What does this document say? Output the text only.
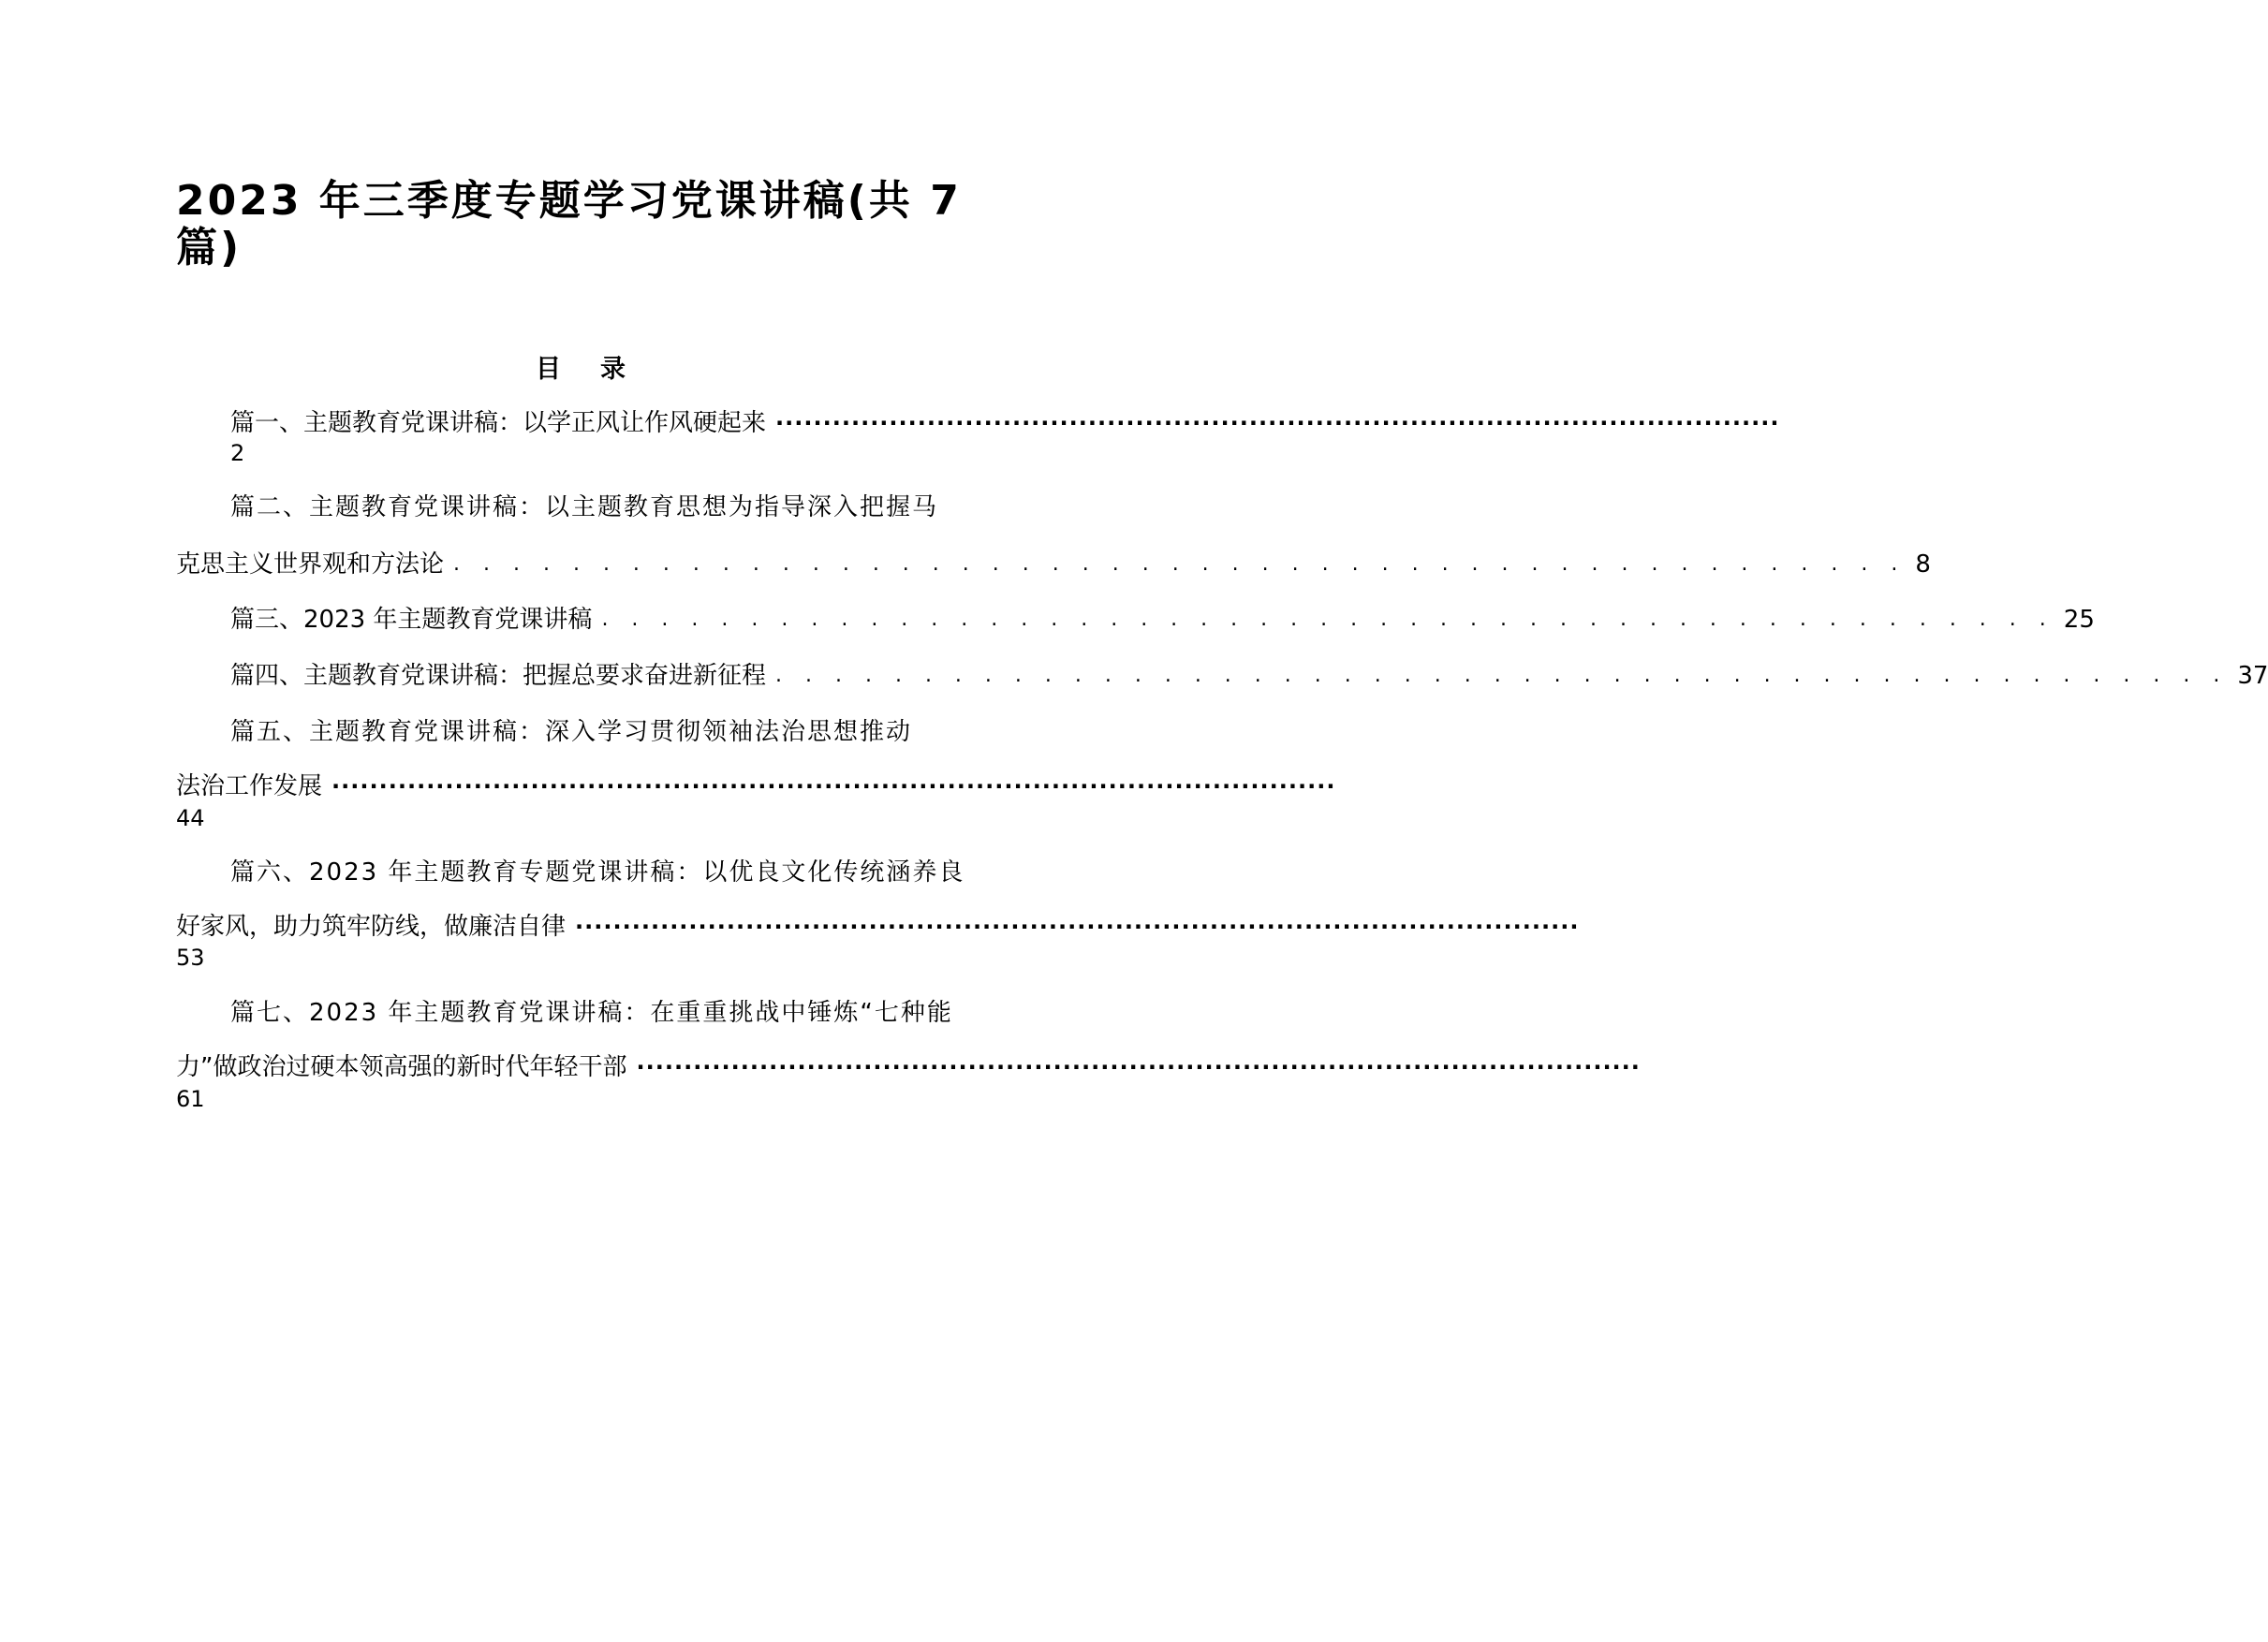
2023 年三季度专题学习党课讲稿(共 7
篇)
目录
篇一、主题教育党课讲稿：以学正风让作风硬起来 ··········································································································
2
篇二、主题教育党课讲稿：以主题教育思想为指导深入把握马
克思主义世界观和方法论 . . . . . . . . . . . . . . . . . . . . . . . . . . . . . . . . . . . . . . . . . . . . . . . . . 8
篇三、2023 年主题教育党课讲稿 . . . . . . . . . . . . . . . . . . . . . . . . . . . . . . . . . . . . . . . . . . . . . . . . . 25
篇四、主题教育党课讲稿：把握总要求奋进新征程 . . . . . . . . . . . . . . . . . . . . . . . . . . . . . . . . . . . . . . . . . . . . . . . . . 37
篇五、主题教育党课讲稿：深入学习贯彻领袖法治思想推动
法治工作发展 ··········································································································
44
篇六、2023 年主题教育专题党课讲稿：以优良文化传统涵养良
好家风，助力筑牢防线，做廉洁自律 ··········································································································
53
篇七、2023 年主题教育党课讲稿：在重重挑战中锤炼“七种能
力”做政治过硬本领高强的新时代年轻干部 ··········································································································
61
